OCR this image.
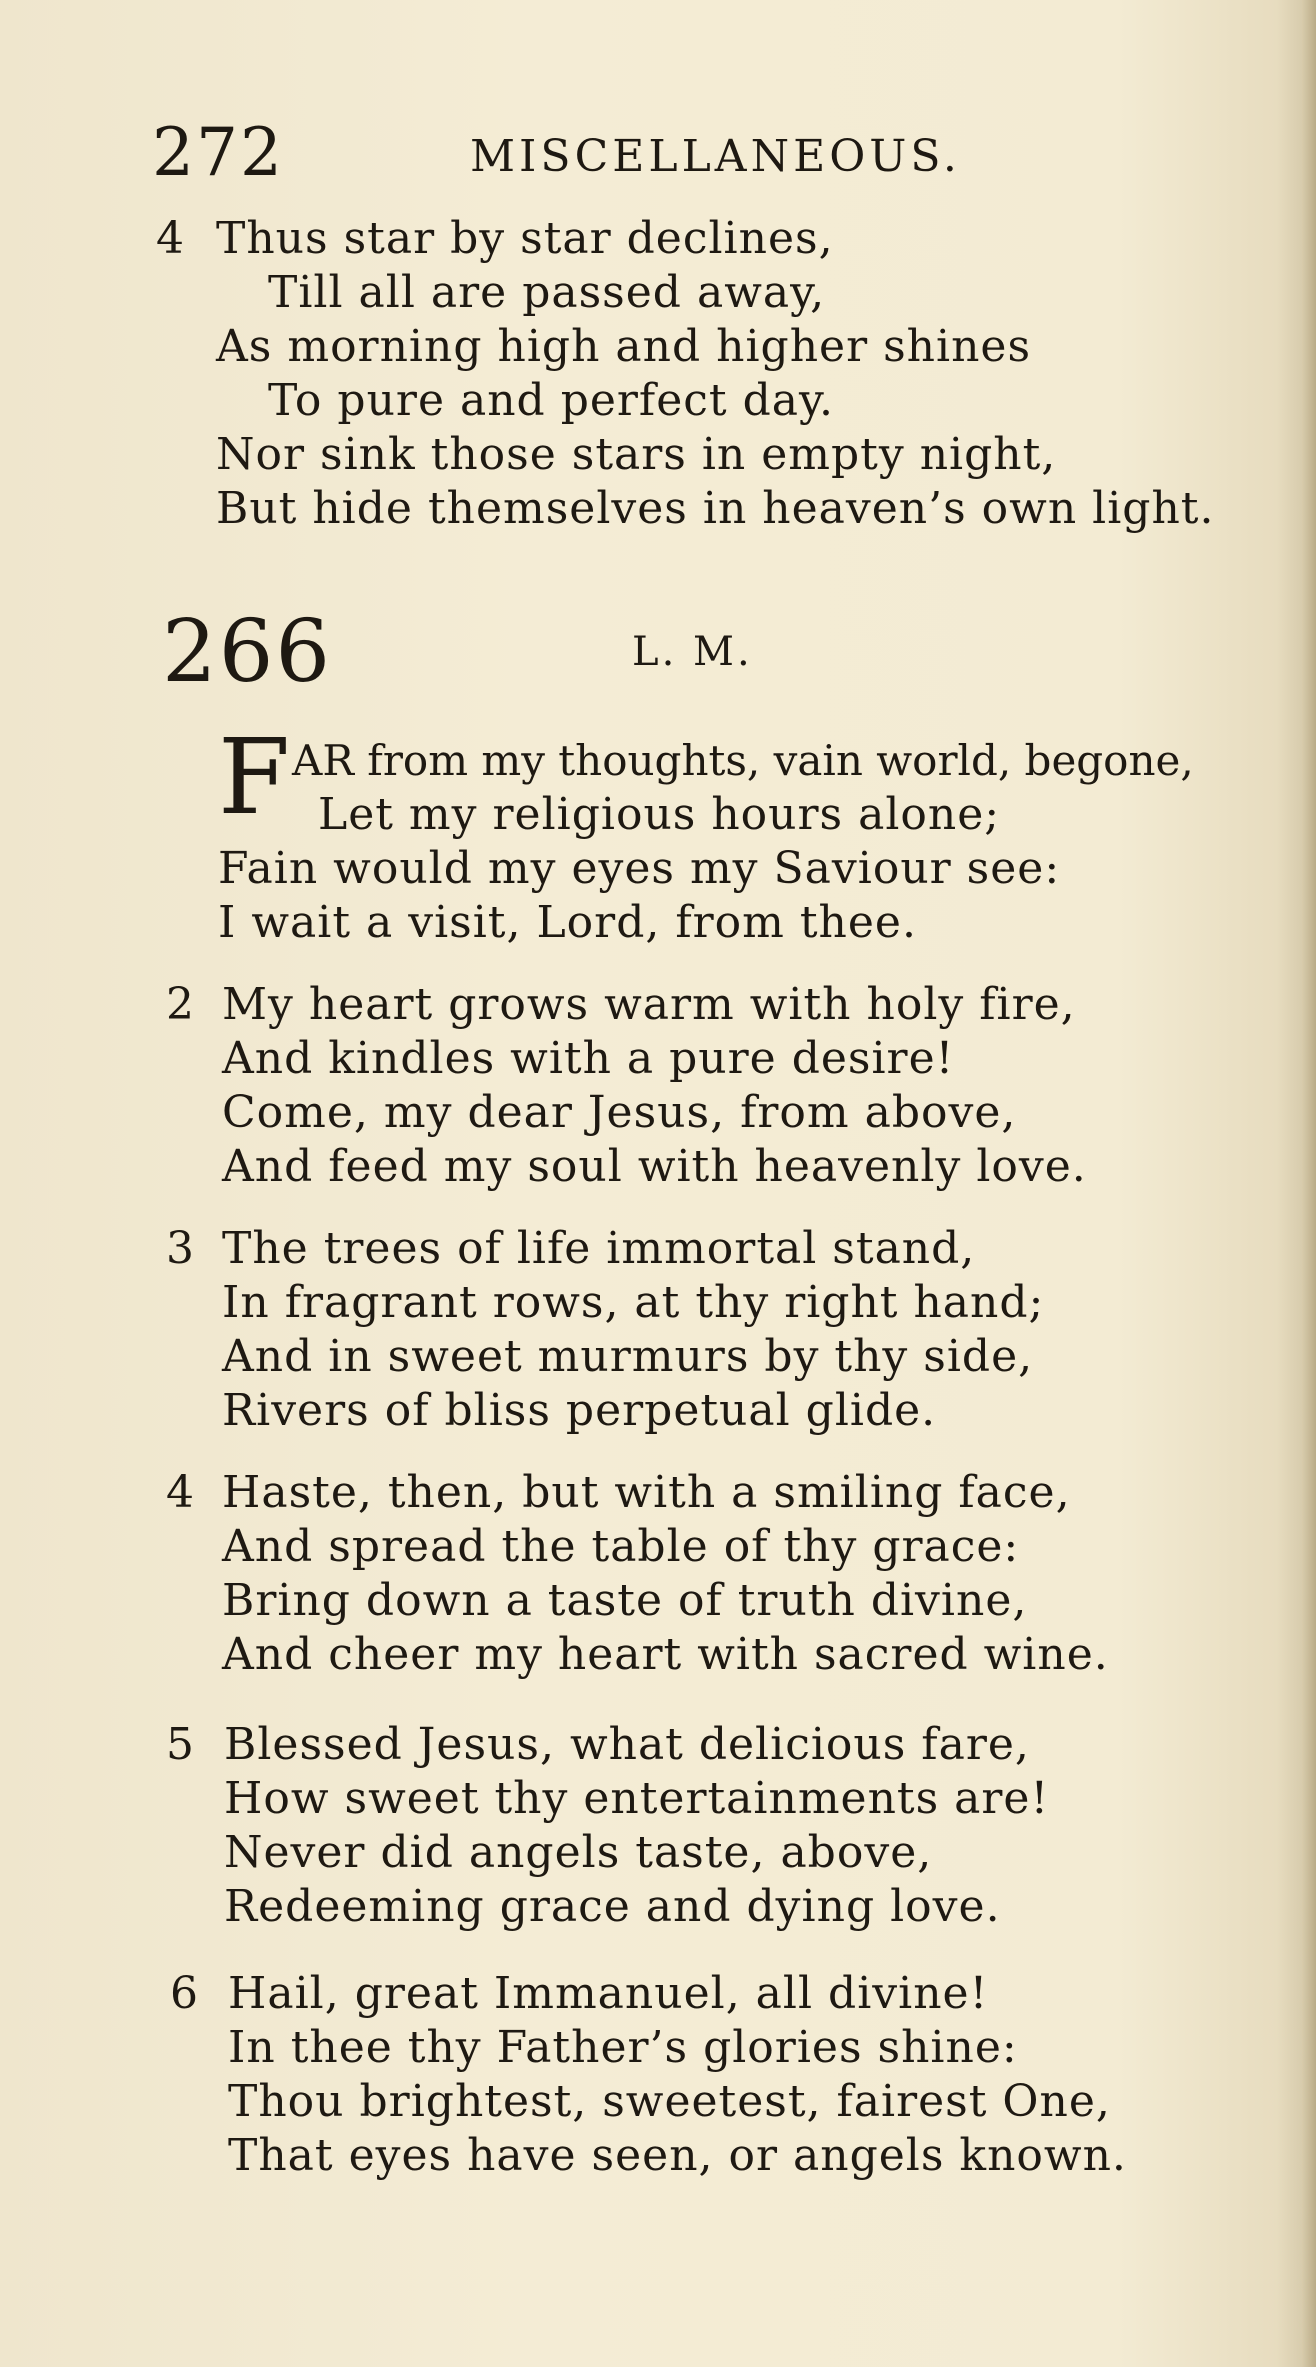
272	MISCELLANEOUS.
4 Thus star by star declines,
Till all are passed away,
As morning high and higher shines
To pure and perfect day.
Nor sink those stars in empty night,
But hide themselves in heaven’s own light.
266	L. M.
F AR from my thoughts, vain world, begone,
Let my religious hours alone;
Fain would my eyes my Saviour see:
I wait a visit, Lord, from thee.
2 My heart grows warm with holy fire,
And kindles with a pure desire!
Come, my dear Jesus, from above,
And feed my soul with heavenly love.
3 The trees of life immortal stand,
In fragrant rows, at thy right hand;
And in sweet murmurs by thy side,
Rivers of bliss perpetual glide.
4 Haste, then, but with a smiling face,
And spread the table of thy grace:
Bring down a taste of truth divine,
And cheer my heart with sacred wine.
5 Blessed Jesus, what delicious fare,
How sweet thy entertainments are!
Never did angels taste, above,
Redeeming grace and dying love.
6 Hail, great Immanuel, all divine!
In thee thy Father’s glories shine:
Thou brightest, sweetest, fairest One,
That eyes have seen, or angels known.
